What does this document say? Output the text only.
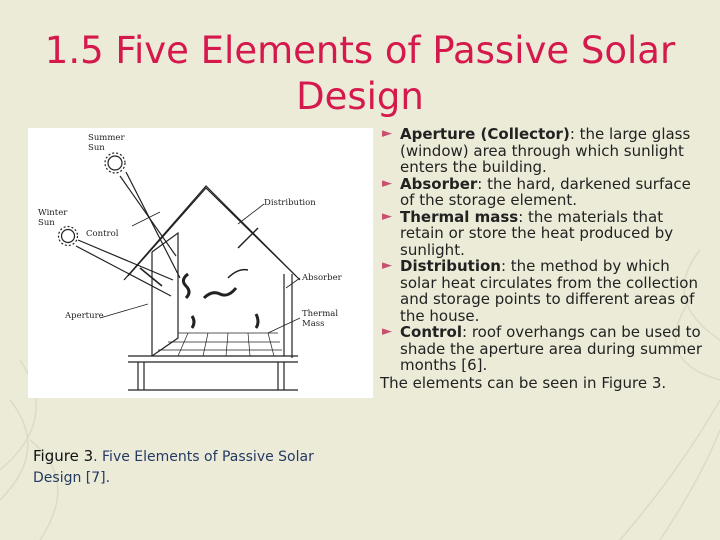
1.5 Five Elements of Passive Solar
Design
Summer
Sun
Winter
Sun
Control
Distribution
Aperture
Absorber
Thermal
Mass
Figure 3. Five Elements of Passive Solar Design [7].
► Aperture (Collector): the large glass (window) area through which sunlight enters the building.
► Absorber: the hard, darkened surface of the storage element.
► Thermal mass: the materials that retain or store the heat produced by sunlight.
► Distribution: the method by which solar heat circulates from the collection and storage points to different areas of the house.
► Control: roof overhangs can be used to shade the aperture area during summer months [6].
The elements can be seen in Figure 3.
